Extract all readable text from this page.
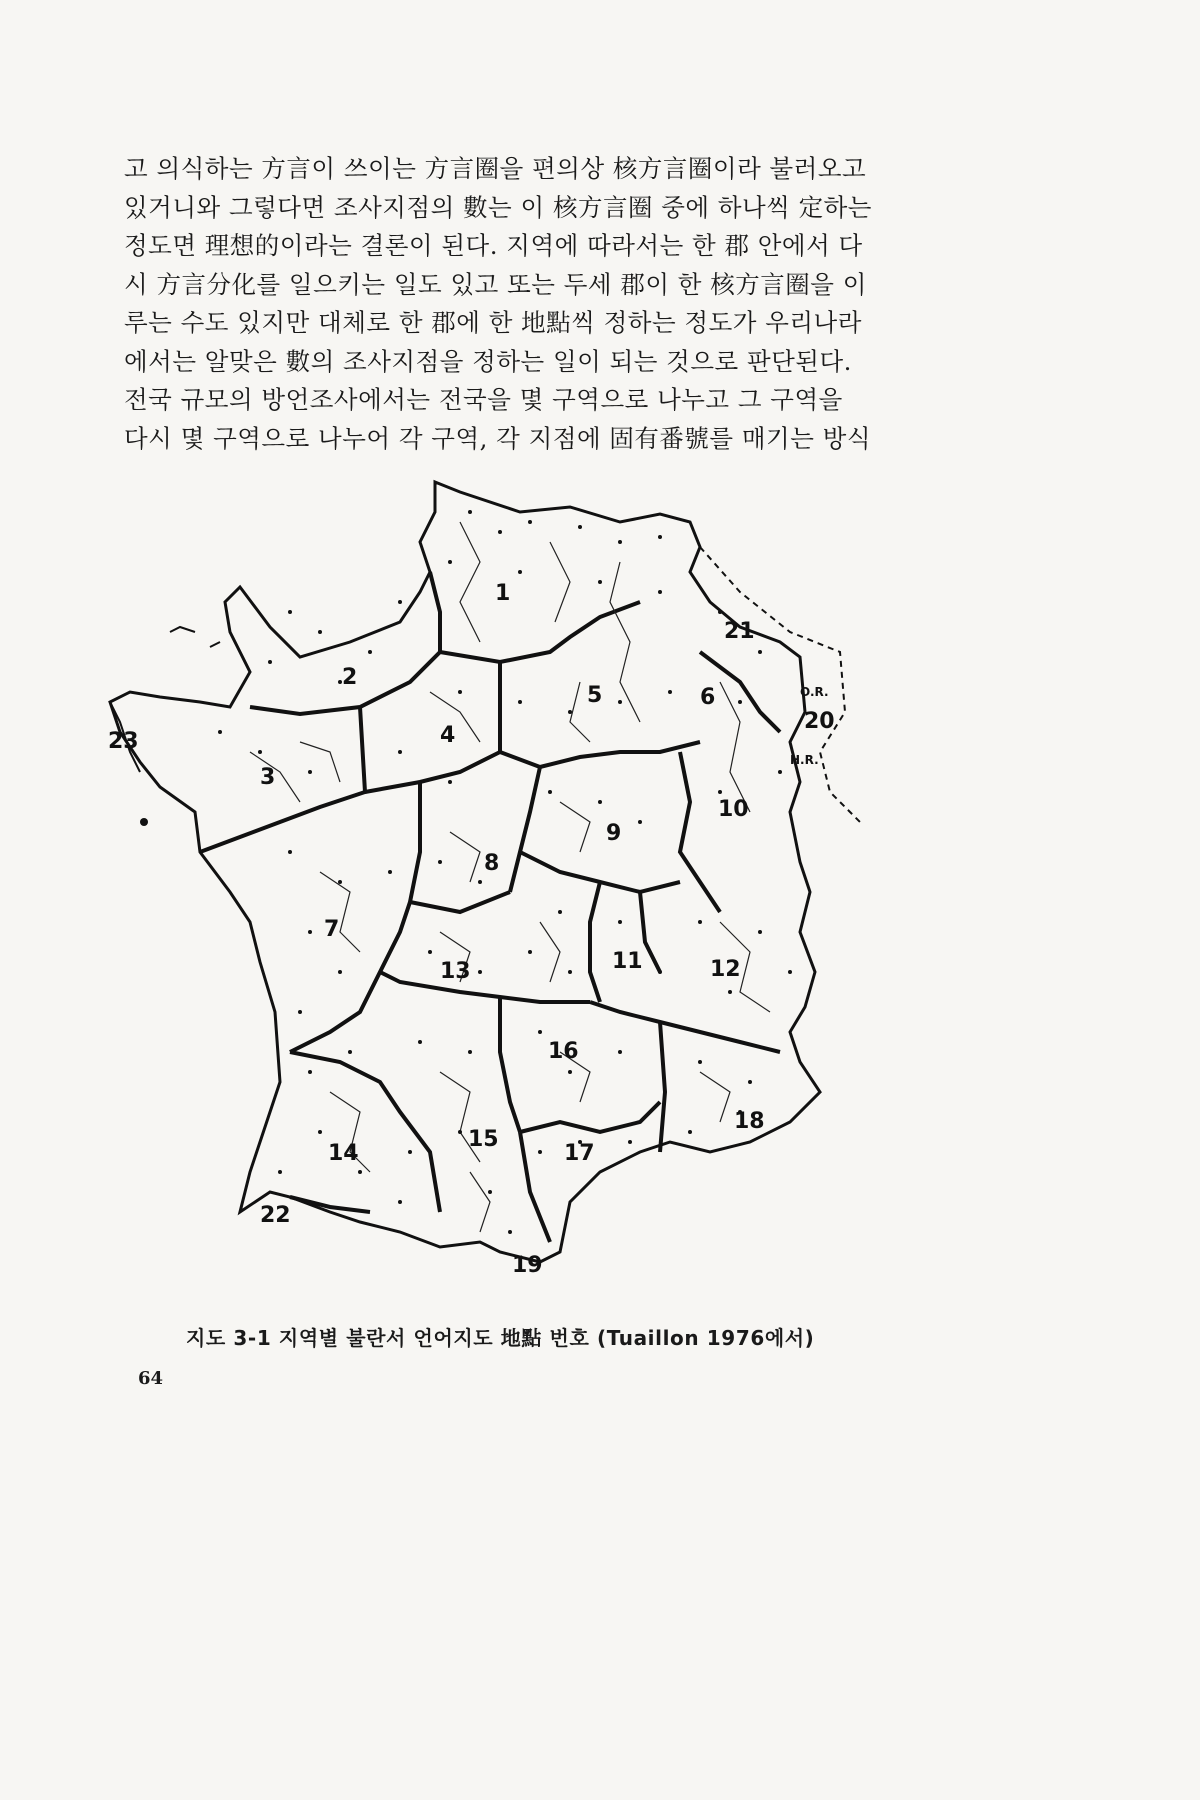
고 의식하는 方言이 쓰이는 方言圈을 편의상 核方言圈이라 불러오고

있거니와 그렇다면 조사지점의 數는 이 核方言圈 중에 하나씩 定하는

정도면 理想的이라는 결론이 된다. 지역에 따라서는 한 郡 안에서 다

시 方言分化를 일으키는 일도 있고 또는 두세 郡이 한 核方言圈을 이

루는 수도 있지만 대체로 한 郡에 한 地點씩 정하는 정도가 우리나라

에서는 알맞은 數의 조사지점을 정하는 일이 되는 것으로 판단된다.

전국 규모의 방언조사에서는 전국을 몇 구역으로 나누고 그 구역을

다시 몇 구역으로 나누어 각 구역, 각 지점에 固有番號를 매기는 방식

1
2
3
4
5	6
7
8
9
10
11	12
13
14
15
16
17
18
19
20
21
22
23
O.R.
H.R.
지도 3-1 지역별 불란서 언어지도 地點 번호 (Tuaillon 1976에서)
64
